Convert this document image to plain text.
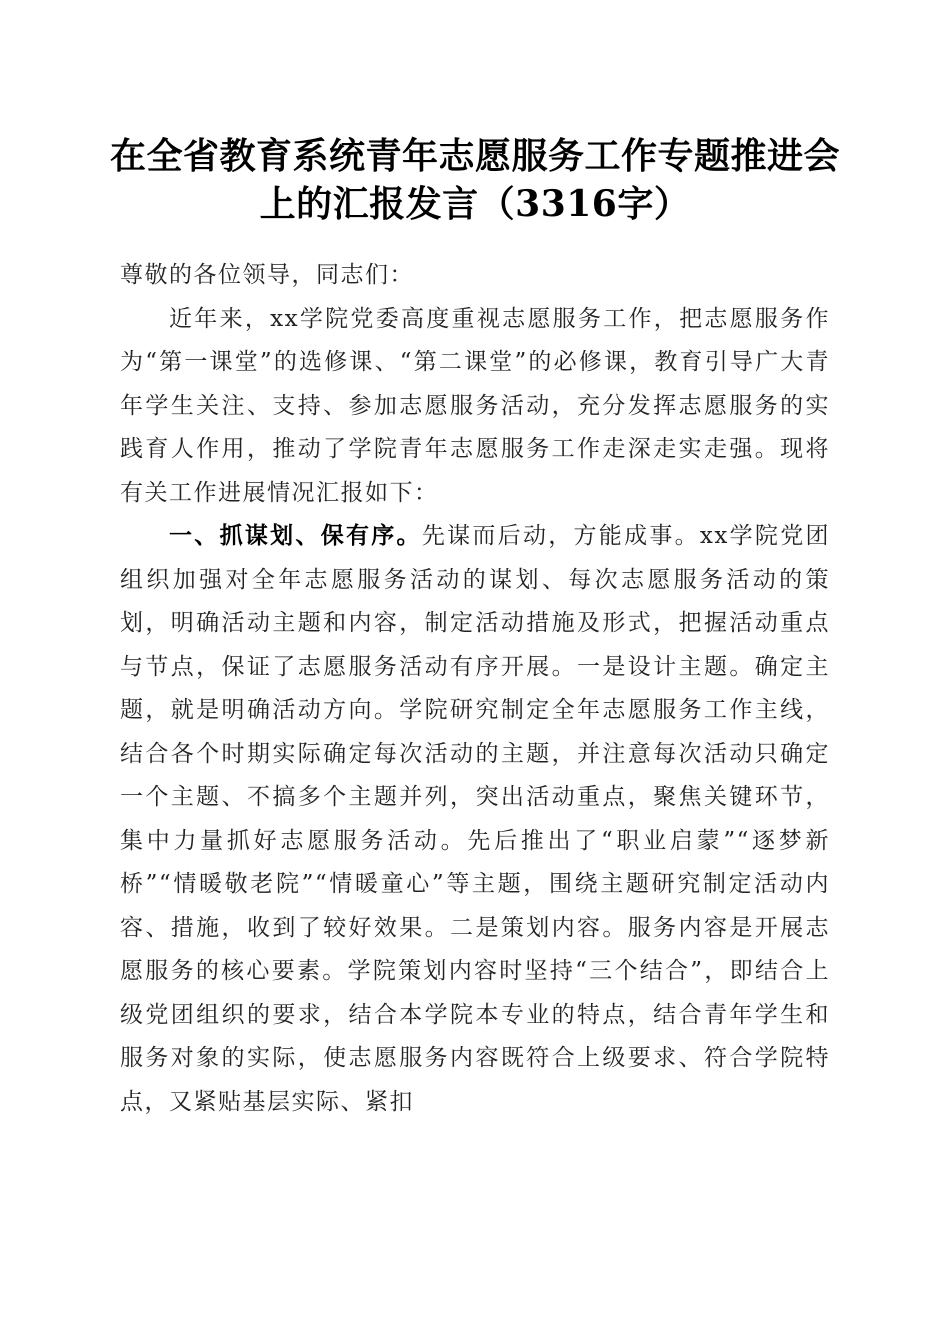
在全省教育系统青年志愿服务工作专题推进会
上的汇报发言（3316字）

尊敬的各位领导，同志们：

近年来，xx学院党委高度重视志愿服务工作，把志愿服务作为“第一课堂”的选修课、“第二课堂”的必修课，教育引导广大青年学生关注、支持、参加志愿服务活动，充分发挥志愿服务的实践育人作用，推动了学院青年志愿服务工作走深走实走强。现将有关工作进展情况汇报如下：

一、抓谋划、保有序。先谋而后动，方能成事。xx学院党团组织加强对全年志愿服务活动的谋划、每次志愿服务活动的策划，明确活动主题和内容，制定活动措施及形式，把握活动重点与节点，保证了志愿服务活动有序开展。一是设计主题。确定主题，就是明确活动方向。学院研究制定全年志愿服务工作主线，结合各个时期实际确定每次活动的主题，并注意每次活动只确定一个主题、不搞多个主题并列，突出活动重点，聚焦关键环节，集中力量抓好志愿服务活动。先后推出了“职业启蒙”“逐梦新桥”“情暖敬老院”“情暖童心”等主题，围绕主题研究制定活动内容、措施，收到了较好效果。二是策划内容。服务内容是开展志愿服务的核心要素。学院策划内容时坚持“三个结合”，即结合上级党团组织的要求，结合本学院本专业的特点，结合青年学生和服务对象的实际，使志愿服务内容既符合上级要求、符合学院特点，又紧贴基层实际、紧扣
